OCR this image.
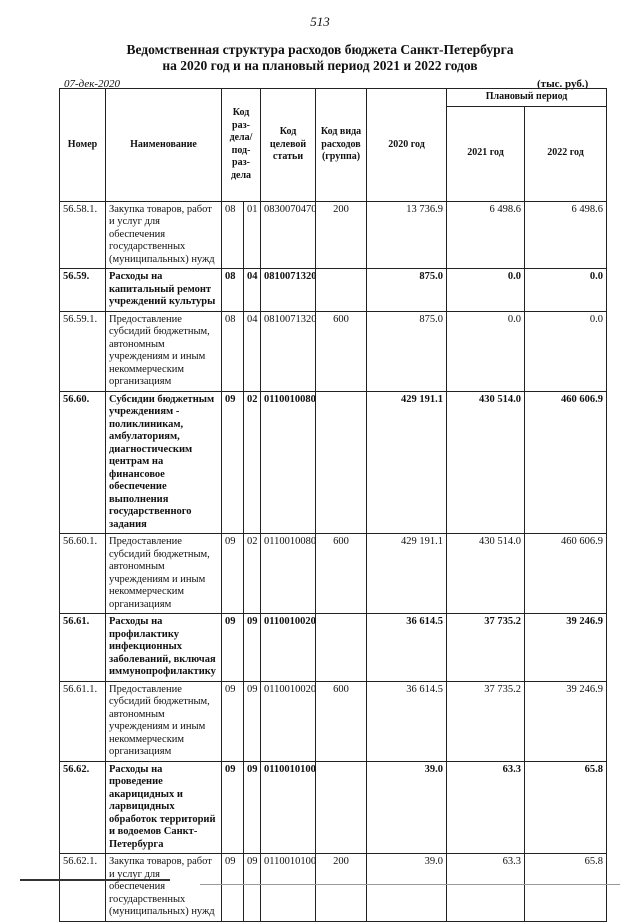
513
Ведомственная структура расходов бюджета Санкт-Петербурга
на 2020 год и на плановый период 2021 и 2022 годов
07-дек-2020	(тыс. руб.)
Номер	Наименование	Код раз-дела/ под-раз-дела		Код целевой статьи	Код вида расходов (группа)	2020 год	Плановый период	
							2021 год	2022 год
56.58.1.	Закупка товаров, работ и услуг для обеспечения государственных (муниципальных) нужд	08	01	0830070470	200	13 736.9	6 498.6	6 498.6
56.59.	Расходы на капитальный ремонт учреждений культуры	08	04	0810071320		875.0	0.0	0.0
56.59.1.	Предоставление субсидий бюджетным, автономным учреждениям и иным некоммерческим организациям	08	04	0810071320	600	875.0	0.0	0.0
56.60.	Субсидии бюджетным учреждениям - поликлиникам, амбулаториям, диагностическим центрам на финансовое обеспечение выполнения государственного задания	09	02	0110010080		429 191.1	430 514.0	460 606.9
56.60.1.	Предоставление субсидий бюджетным, автономным учреждениям и иным некоммерческим организациям	09	02	0110010080	600	429 191.1	430 514.0	460 606.9
56.61.	Расходы на профилактику инфекционных заболеваний, включая иммунопрофилактику	09	09	0110010020		36 614.5	37 735.2	39 246.9
56.61.1.	Предоставление субсидий бюджетным, автономным учреждениям и иным некоммерческим организациям	09	09	0110010020	600	36 614.5	37 735.2	39 246.9
56.62.	Расходы на проведение акарицидных и ларвицидных обработок территорий и водоемов Санкт-Петербурга	09	09	0110010100		39.0	63.3	65.8
56.62.1.	Закупка товаров, работ и услуг для обеспечения государственных (муниципальных) нужд	09	09	0110010100	200	39.0	63.3	65.8
